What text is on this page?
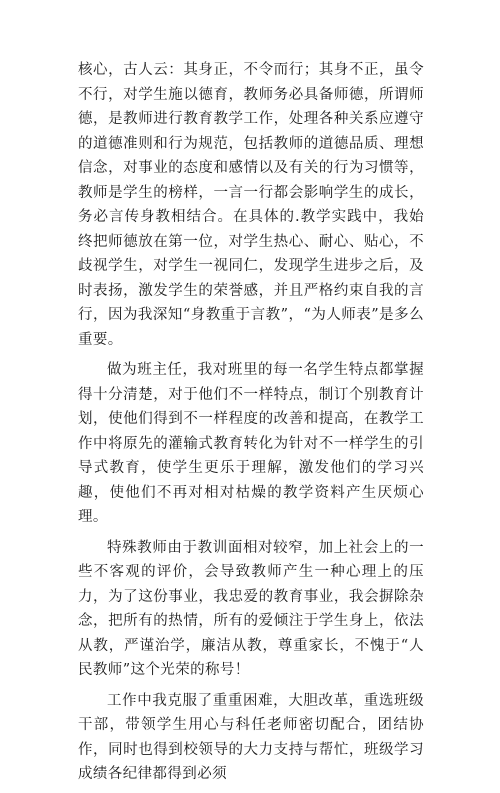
核心，古人云：其身正，不令而行；其身不正，虽令不行，对学生施以德育，教师务必具备师德，所谓师德，是教师进行教育教学工作，处理各种关系应遵守的道德准则和行为规范，包括教师的道德品质、理想信念，对事业的态度和感情以及有关的行为习惯等，教师是学生的榜样，一言一行都会影响学生的成长，务必言传身教相结合。在具体的.教学实践中，我始终把师德放在第一位，对学生热心、耐心、贴心，不歧视学生，对学生一视同仁，发现学生进步之后，及时表扬，激发学生的荣誉感，并且严格约束自我的言行，因为我深知“身教重于言教”，“为人师表”是多么重要。

做为班主任，我对班里的每一名学生特点都掌握得十分清楚，对于他们不一样特点，制订个别教育计划，使他们得到不一样程度的改善和提高，在教学工作中将原先的灌输式教育转化为针对不一样学生的引导式教育，使学生更乐于理解，激发他们的学习兴趣，使他们不再对相对枯燥的教学资料产生厌烦心理。

特殊教师由于教训面相对较窄，加上社会上的一些不客观的评价，会导致教师产生一种心理上的压力，为了这份事业，我忠爱的教育事业，我会摒除杂念，把所有的热情，所有的爱倾注于学生身上，依法从教，严谨治学，廉洁从教，尊重家长，不愧于“人民教师”这个光荣的称号！

工作中我克服了重重困难，大胆改革，重选班级干部，带领学生用心与科任老师密切配合，团结协作，同时也得到校领导的大力支持与帮忙，班级学习成绩各纪律都得到必须
